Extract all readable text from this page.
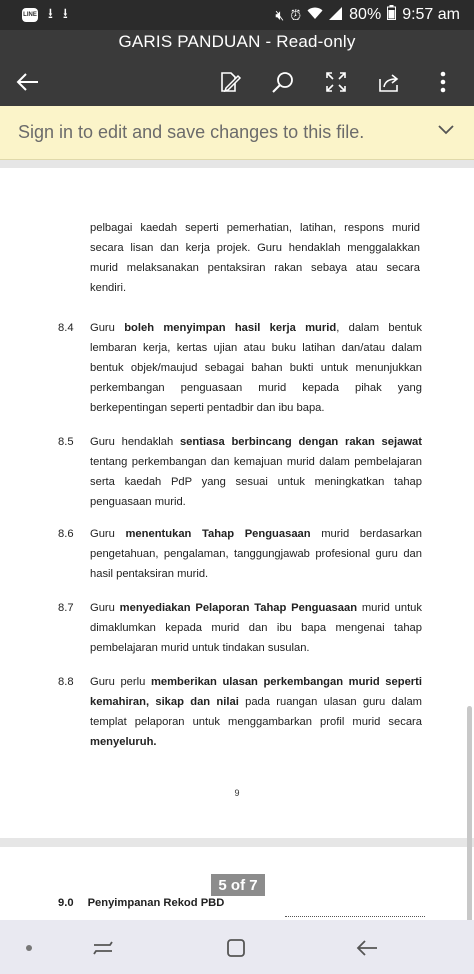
LINE ⭳ ⭳	🔇︎ ⏰︎	80% 9:57 am
GARIS PANDUAN - Read-only
Sign in to edit and save changes to this file.

pelbagai kaedah seperti pemerhatian, latihan, respons murid secara lisan dan kerja projek. Guru hendaklah menggalakkan murid melaksanakan pentaksiran rakan sebaya atau secara kendiri.

8.4	Guru boleh menyimpan hasil kerja murid, dalam bentuk lembaran kerja, kertas ujian atau buku latihan dan/atau dalam bentuk objek/maujud sebagai bahan bukti untuk menunjukkan perkembangan penguasaan murid kepada pihak yang berkepentingan seperti pentadbir dan ibu bapa.

8.5	Guru hendaklah sentiasa berbincang dengan rakan sejawat tentang perkembangan dan kemajuan murid dalam pembelajaran serta kaedah PdP yang sesuai untuk meningkatkan tahap penguasaan murid.

8.6	Guru menentukan Tahap Penguasaan murid berdasarkan pengetahuan, pengalaman, tanggungjawab profesional guru dan hasil pentaksiran murid.

8.7	Guru menyediakan Pelaporan Tahap Penguasaan murid untuk dimaklumkan kepada murid dan ibu bapa mengenai tahap pembelajaran murid untuk tindakan susulan.

8.8	Guru perlu memberikan ulasan perkembangan murid seperti kemahiran, sikap dan nilai pada ruangan ulasan guru dalam templat pelaporan untuk menggambarkan profil murid secara menyeluruh.

9
9.0 Penyimpanan Rekod PBD
5 of 7
